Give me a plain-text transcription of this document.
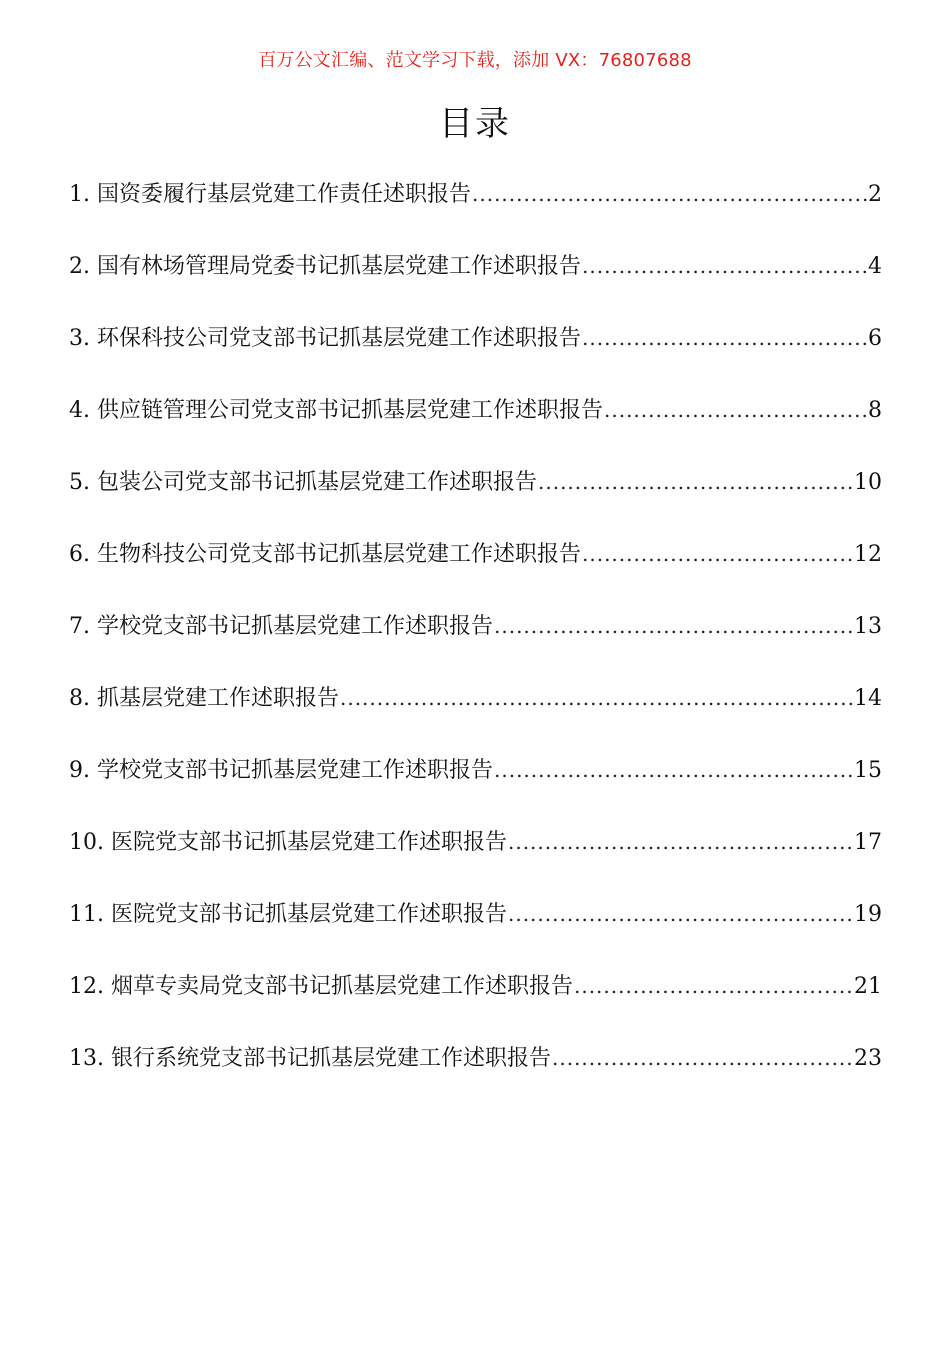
百万公文汇编、范文学习下载，添加 VX：76807688
目录
1. 国资委履行基层党建工作责任述职报告 .....	2
2. 国有林场管理局党委书记抓基层党建工作述职报告 .....	4
3. 环保科技公司党支部书记抓基层党建工作述职报告 .....	6
4. 供应链管理公司党支部书记抓基层党建工作述职报告 .....	8
5. 包装公司党支部书记抓基层党建工作述职报告 .....	10
6. 生物科技公司党支部书记抓基层党建工作述职报告 .....	12
7. 学校党支部书记抓基层党建工作述职报告 .....	13
8. 抓基层党建工作述职报告 .....	14
9. 学校党支部书记抓基层党建工作述职报告 .....	15
10. 医院党支部书记抓基层党建工作述职报告 .....	17
11. 医院党支部书记抓基层党建工作述职报告 .....	19
12. 烟草专卖局党支部书记抓基层党建工作述职报告 .....	21
13. 银行系统党支部书记抓基层党建工作述职报告 .....	23
